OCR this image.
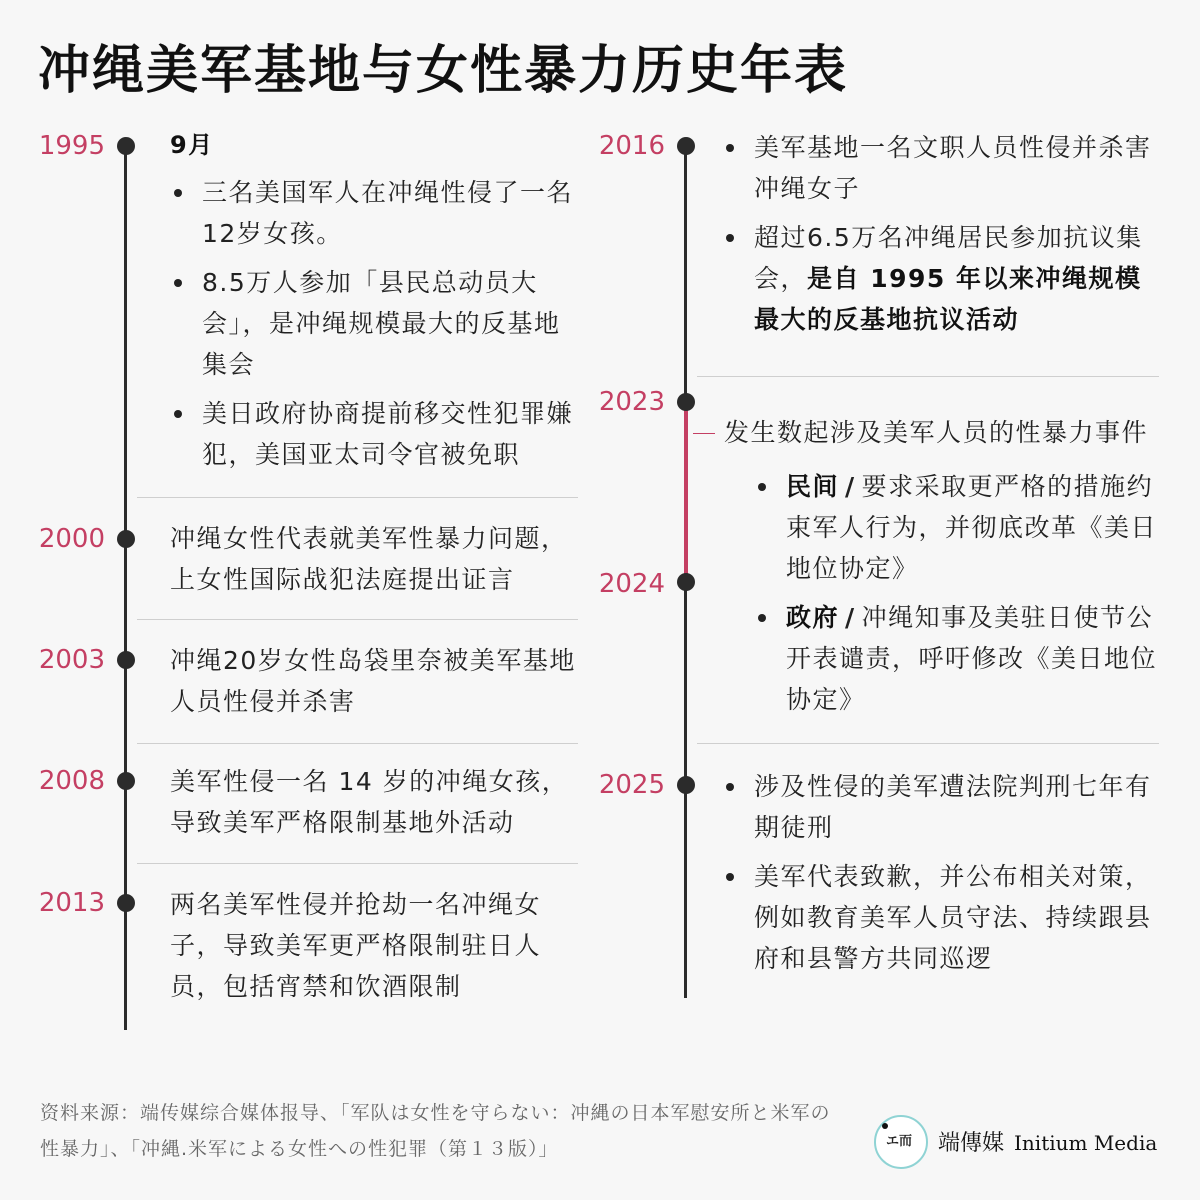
冲绳美军基地与女性暴力历史年表
1995	9月
三名美国军人在冲绳性侵了一名12岁女孩。
8.5万人参加「县民总动员大会」，是冲绳规模最大的反基地集会
美日政府协商提前移交性犯罪嫌犯，美国亚太司令官被免职
2000	冲绳女性代表就美军性暴力问题，上女性国际战犯法庭提出证言
2003	冲绳20岁女性岛袋里奈被美军基地人员性侵并杀害
2008	美军性侵一名 14 岁的冲绳女孩，导致美军严格限制基地外活动
2013	两名美军性侵并抢劫一名冲绳女子，导致美军更严格限制驻日人员，包括宵禁和饮酒限制
2016	美军基地一名文职人员性侵并杀害冲绳女子
超过6.5万名冲绳居民参加抗议集会，是自 1995 年以来冲绳规模最大的反基地抗议活动
2023
2024
发生数起涉及美军人员的性暴力事件
民间 / 要求采取更严格的措施约束军人行为，并彻底改革《美日地位协定》
政府 / 冲绳知事及美驻日使节公开表谴责，呼吁修改《美日地位协定》
2025	涉及性侵的美军遭法院判刑七年有期徒刑
美军代表致歉，并公布相关对策，例如教育美军人员守法、持续跟县府和县警方共同巡逻
资料来源：端传媒综合媒体报导、「军队は女性を守らない：冲縄の日本军慰安所と米军の性暴力」、「冲縄.米军による女性への性犯罪（第１３版）」	エ而 端傳媒 Initium Media
